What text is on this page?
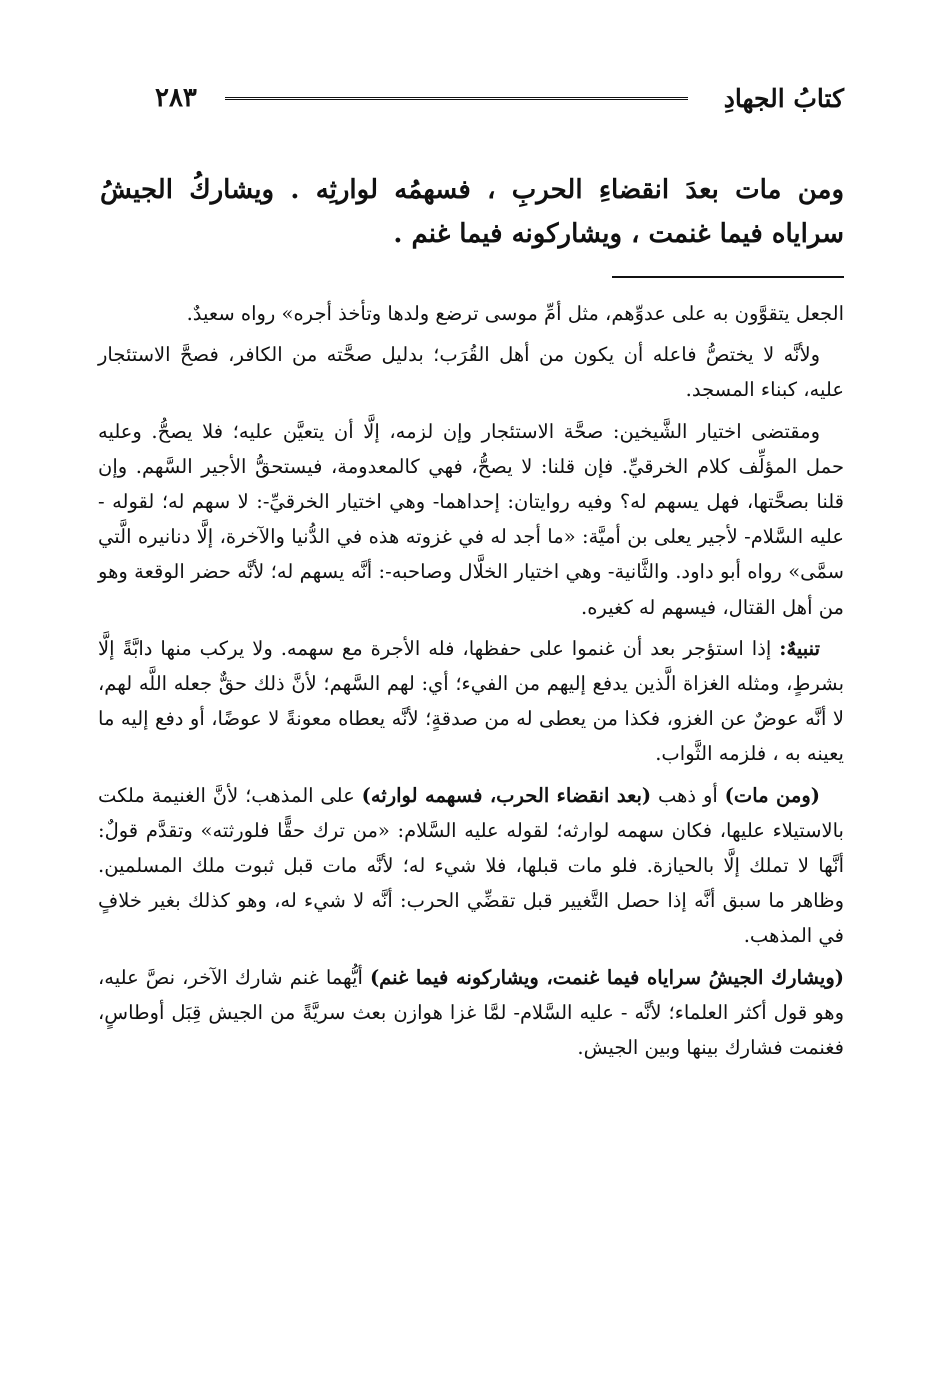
كتابُ الجهادِ
٢٨٣
ومن مات بعدَ انقضاءِ الحربِ ، فسهمُه لوارثِه . ويشاركُ الجيشُ سراياه فيما غنمت ، ويشاركونه فيما غنم .

الجعل يتقوَّون به على عدوِّهم، مثل أمِّ موسى ترضع ولدها وتأخذ أجره» رواه سعيدٌ.

ولأنَّه لا يختصُّ فاعله أن يكون من أهل القُرَب؛ بدليل صحَّته من الكافر، فصحَّ الاستئجار عليه، كبناء المسجد.

ومقتضى اختيار الشَّيخين: صحَّة الاستئجار وإن لزمه، إلَّا أن يتعيَّن عليه؛ فلا يصحُّ. وعليه حمل المؤلِّف كلام الخرقيِّ. فإن قلنا: لا يصحُّ، فهي كالمعدومة، فيستحقُّ الأجير السَّهم. وإن قلنا بصحَّتها، فهل يسهم له؟ وفيه روايتان: إحداهما- وهي اختيار الخرقيِّ-: لا سهم له؛ لقوله - عليه السَّلام- لأجير يعلى بن أميَّة: «ما أجد له في غزوته هذه في الدُّنيا والآخرة، إلَّا دنانيره الَّتي سمَّى» رواه أبو داود. والثَّانية- وهي اختيار الخلَّال وصاحبه-: أنَّه يسهم له؛ لأنَّه حضر الوقعة وهو من أهل القتال، فيسهم له كغيره.

تنبيهٌ: إذا استؤجر بعد أن غنموا على حفظها، فله الأجرة مع سهمه. ولا يركب منها دابَّةً إلَّا بشرطٍ، ومثله الغزاة الَّذين يدفع إليهم من الفيء؛ أي: لهم السَّهم؛ لأنَّ ذلك حقٌّ جعله اللَّه لهم، لا أنَّه عوضٌ عن الغزو، فكذا من يعطى له من صدقةٍ؛ لأنَّه يعطاه معونةً لا عوضًا، أو دفع إليه ما يعينه به ، فلزمه الثَّواب.

(ومن مات) أو ذهب (بعد انقضاء الحرب، فسهمه لوارثه) على المذهب؛ لأنَّ الغنيمة ملكت بالاستيلاء عليها، فكان سهمه لوارثه؛ لقوله عليه السَّلام: «من ترك حقًّا فلورثته» وتقدَّم قولٌ: أنَّها لا تملك إلَّا بالحيازة. فلو مات قبلها، فلا شيء له؛ لأنَّه مات قبل ثبوت ملك المسلمين. وظاهر ما سبق أنَّه إذا حصل التَّغيير قبل تقضِّي الحرب: أنَّه لا شيء له، وهو كذلك بغير خلافٍ في المذهب.

(ويشارك الجيشُ سراياه فيما غنمت، ويشاركونه فيما غنم) أيُّهما غنم شارك الآخر، نصَّ عليه، وهو قول أكثر العلماء؛ لأنَّه - عليه السَّلام- لمَّا غزا هوازن بعث سريَّةً من الجيش قِبَل أوطاسٍ، فغنمت فشارك بينها وبين الجيش.
